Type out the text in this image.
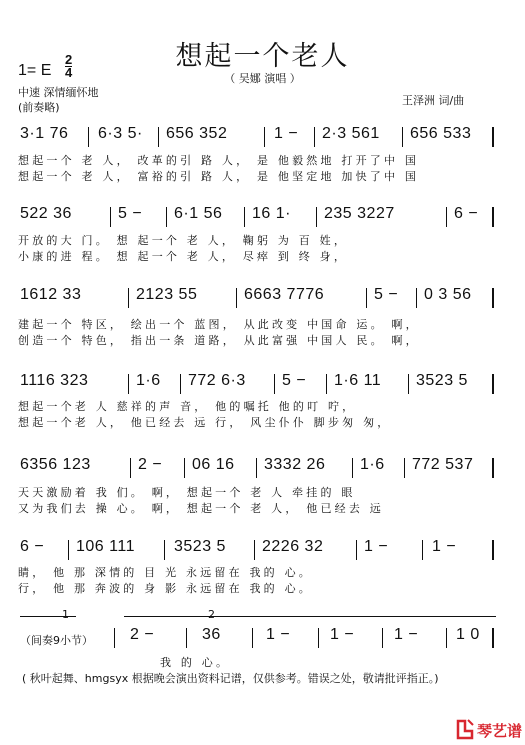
想起一个老人
（ 吴娜 演唱 ）
1= E
2
4
中速 深情缅怀地
(前奏略)
王泽洲 词/曲
3·1 76 6·3 5· 656 352	1 − 2·3 561 656 533
想起一个 老 人， 改革的引 路 人， 是 他毅然地 打开了中 国
想起一个 老 人， 富裕的引 路 人， 是 他坚定地 加快了中 国
522 36	5 − 6·1 56 16 1· 235 3227	6 −
开放的大 门。 想 起一个 老 人， 鞠躬 为 百 姓，
小康的进 程。 想 起一个 老 人， 尽瘁 到 终 身，
1612 33	2123 55	6663 7776	5 − 0 3 56
建起一个 特区， 绘出一个 蓝图， 从此改变 中国命 运。 啊，
创造一个 特色， 指出一条 道路， 从此富强 中国人 民。 啊，
1116 323	1·6 772 6·3 5 − 1·6 11 3523 5
想起一个老 人 慈祥的声 音， 他的嘱托 他的叮 咛，
想起一个老 人， 他已经去 远 行， 风尘仆仆 脚步匆 匆，
6356 123	2 − 06 16 3332 26 1·6 772 537
天天激励着 我 们。 啊， 想起一个 老 人 牵挂的 眼
又为我们去 操 心。 啊， 想起一个 老 人， 他已经去 远
6 − 106 111 3523 5 2226 32	1 −	1 −
睛， 他 那 深情的 目 光 永远留在 我的 心。
行， 他 那 奔波的 身 影 永远留在 我的 心。
1	2
（间奏9小节） 2 −	36	1 − 1 − 1 − 1 0
我 的 心。
( 秋叶起舞、hmgsyx 根据晚会演出资料记谱，仅供参考。错误之处，敬请批评指正。)
琴艺谱
